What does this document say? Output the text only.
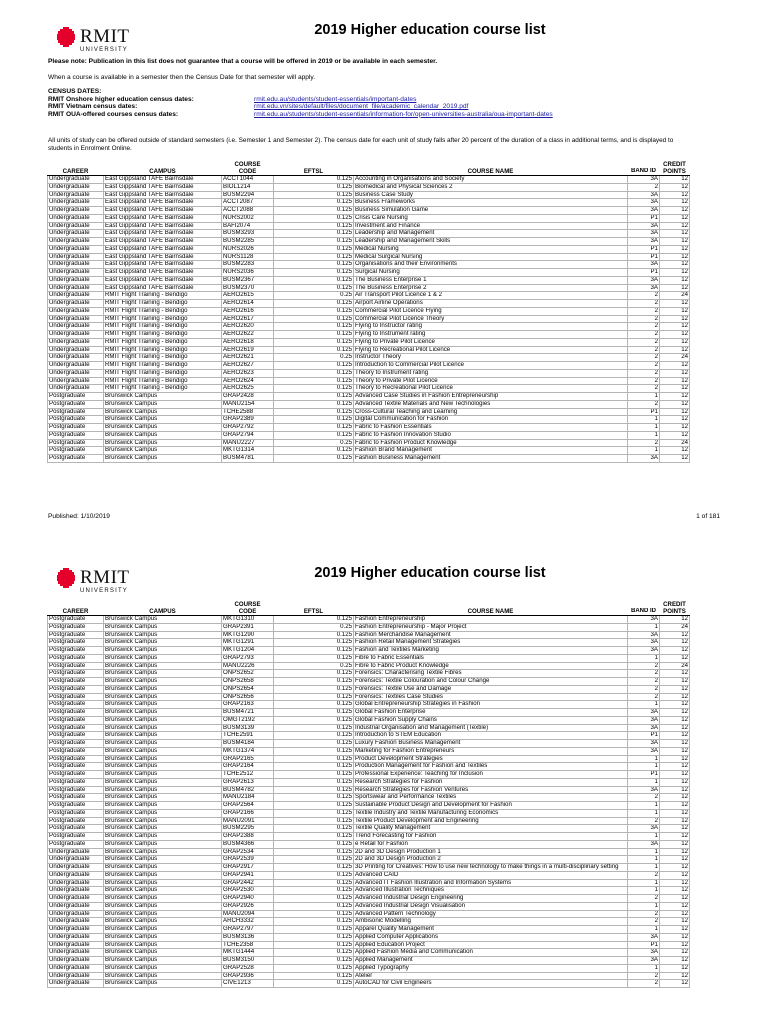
RMIT
UNIVERSITY
2019 Higher education course list
Please note: Publication in this list does not guarantee that a course will be offered in 2019 or be available in each semester.
When a course is available in a semester then the Census Date for that semester will apply.
CENSUS DATES:
RMIT Onshore higher education census dates:	rmit.edu.au/students/student-essentials/important-dates
RMIT Vietnam census dates:	rmit.edu.vn/sites/default/files/document_file/academic_calendar_2019.pdf
RMIT OUA-offered courses census dates:	rmit.edu.au/students/student-essentials/information-for/open-universities-australia/oua-important-dates
All units of study can be offered outside of standard semesters (i.e. Semester 1 and Semester 2). The census date for each unit of study falls after 20 percent of the duration of a class in additional terms, and is displayed to students in Enrolment Online.
		COURSE				CREDIT
CAREER	CAMPUS	CODE	EFTSL	COURSE NAME	BAND ID	POINTS
Undergraduate	East Gippsland TAFE Bairnsdale	ACCT1044	0.125	Accounting in Organisations and Society	3A	12
Undergraduate	East Gippsland TAFE Bairnsdale	BIOL1214	0.125	Biomedical and Physical Sciences 2	2	12
Undergraduate	East Gippsland TAFE Bairnsdale	BUSM2294	0.125	Business Case Study	3A	12
Undergraduate	East Gippsland TAFE Bairnsdale	ACCT2087	0.125	Business Frameworks	3A	12
Undergraduate	East Gippsland TAFE Bairnsdale	ACCT2088	0.125	Business Simulation Game	3A	12
Undergraduate	East Gippsland TAFE Bairnsdale	NURS2002	0.125	Crisis Care Nursing	P1	12
Undergraduate	East Gippsland TAFE Bairnsdale	BAFI2074	0.125	Investment and Finance	3A	12
Undergraduate	East Gippsland TAFE Bairnsdale	BUSM3293	0.125	Leadership and Management	3A	12
Undergraduate	East Gippsland TAFE Bairnsdale	BUSM2285	0.125	Leadership and Management Skills	3A	12
Undergraduate	East Gippsland TAFE Bairnsdale	NURS2026	0.125	Medical Nursing	P1	12
Undergraduate	East Gippsland TAFE Bairnsdale	NURS1128	0.125	Medical Surgical Nursing	P1	12
Undergraduate	East Gippsland TAFE Bairnsdale	BUSM2283	0.125	Organisations and their Environments	3A	12
Undergraduate	East Gippsland TAFE Bairnsdale	NURS2036	0.125	Surgical Nursing	P1	12
Undergraduate	East Gippsland TAFE Bairnsdale	BUSM2367	0.125	The Business Enterprise 1	3A	12
Undergraduate	East Gippsland TAFE Bairnsdale	BUSM2370	0.125	The Business Enterprise 2	3A	12
Undergraduate	RMIT Flight Training - Bendigo	AERO2615	0.25	Air Transport Pilot Licence 1 & 2	2	24
Undergraduate	RMIT Flight Training - Bendigo	AERO2614	0.125	Airport Airline Operations	2	12
Undergraduate	RMIT Flight Training - Bendigo	AERO2616	0.125	Commercial Pilot Licence Flying	2	12
Undergraduate	RMIT Flight Training - Bendigo	AERO2617	0.125	Commercial Pilot Licence Theory	2	12
Undergraduate	RMIT Flight Training - Bendigo	AERO2620	0.125	Flying to Instructor rating	2	12
Undergraduate	RMIT Flight Training - Bendigo	AERO2622	0.125	Flying to Instrument rating	2	12
Undergraduate	RMIT Flight Training - Bendigo	AERO2618	0.125	Flying to Private Pilot Licence	2	12
Undergraduate	RMIT Flight Training - Bendigo	AERO2619	0.125	Flying to Recreational Pilot Licence	2	12
Undergraduate	RMIT Flight Training - Bendigo	AERO2621	0.25	Instructor Theory	2	24
Undergraduate	RMIT Flight Training - Bendigo	AERO2627	0.125	Introduction to Commercial Pilot Licence	2	12
Undergraduate	RMIT Flight Training - Bendigo	AERO2623	0.125	Theory to Instrument rating	2	12
Undergraduate	RMIT Flight Training - Bendigo	AERO2624	0.125	Theory to Private Pilot Licence	2	12
Undergraduate	RMIT Flight Training - Bendigo	AERO2625	0.125	Theory to Recreational Pilot Licence	2	12
Postgraduate	Brunswick Campus	GRAP2428	0.125	Advanced Case Studies in Fashion Entrepreneurship	1	12
Postgraduate	Brunswick Campus	MANU2154	0.125	Advanced Textile Materials and New Technologies	2	12
Postgraduate	Brunswick Campus	TCHE2588	0.125	Cross-Cultural Teaching and Learning	P1	12
Postgraduate	Brunswick Campus	GRAP2389	0.125	Digital Communication for Fashion	1	12
Postgraduate	Brunswick Campus	GRAP2792	0.125	Fabric to Fashion Essentials	1	12
Postgraduate	Brunswick Campus	GRAP2794	0.125	Fabric to Fashion Innovation Studio	1	12
Postgraduate	Brunswick Campus	MANU2227	0.25	Fabric to Fashion Product Knowledge	2	24
Postgraduate	Brunswick Campus	MKTG1314	0.125	Fashion Brand Management	1	12
Postgraduate	Brunswick Campus	BUSM4781	0.125	Fashion Business Management	3A	12
Published: 1/10/2019	1 of 181
RMIT
UNIVERSITY
2019 Higher education course list
		COURSE				CREDIT
CAREER	CAMPUS	CODE	EFTSL	COURSE NAME	BAND ID	POINTS
Postgraduate	Brunswick Campus	MKTG1310	0.125	Fashion Entrepreneurship	3A	12
Postgraduate	Brunswick Campus	GRAP2391	0.25	Fashion Entrepreneurship - Major Project	1	24
Postgraduate	Brunswick Campus	MKTG1290	0.125	Fashion Merchandise Management	3A	12
Postgraduate	Brunswick Campus	MKTG1291	0.125	Fashion Retail Management Strategies	3A	12
Postgraduate	Brunswick Campus	MKTG1204	0.125	Fashion and Textiles Marketing	3A	12
Postgraduate	Brunswick Campus	GRAP2793	0.125	Fibre to Fabric Essentials	1	12
Postgraduate	Brunswick Campus	MANU2226	0.25	Fibre to Fabric Product Knowledge	2	24
Postgraduate	Brunswick Campus	ONPS2652	0.125	Forensics: Characterising Textile Fibres	2	12
Postgraduate	Brunswick Campus	ONPS2658	0.125	Forensics: Textile Colouration and Colour Change	2	12
Postgraduate	Brunswick Campus	ONPS2654	0.125	Forensics: Textile Use and Damage	2	12
Postgraduate	Brunswick Campus	ONPS2656	0.125	Forensics: Textiles Case Studies	2	12
Postgraduate	Brunswick Campus	GRAP2163	0.125	Global Entrepreneurship Strategies in Fashion	1	12
Postgraduate	Brunswick Campus	BUSM4721	0.125	Global Fashion Enterprise	3A	12
Postgraduate	Brunswick Campus	OMGT2192	0.125	Global Fashion Supply Chains	3A	12
Postgraduate	Brunswick Campus	BUSM3139	0.125	Industrial Organisation and Management (Textile)	3A	12
Postgraduate	Brunswick Campus	TCHE2591	0.125	Introduction to STEM Education	P1	12
Postgraduate	Brunswick Campus	BUSM4184	0.125	Luxury Fashion Business Management	3A	12
Postgraduate	Brunswick Campus	MKTG1374	0.125	Marketing for Fashion Entrepreneurs	3A	12
Postgraduate	Brunswick Campus	GRAP2165	0.125	Product Development Strategies	1	12
Postgraduate	Brunswick Campus	GRAP2164	0.125	Production Management for Fashion and Textiles	1	12
Postgraduate	Brunswick Campus	TCHE2512	0.125	Professional Experience: Teaching for Inclusion	P1	12
Postgraduate	Brunswick Campus	GRAP2613	0.125	Research Strategies for Fashion	1	12
Postgraduate	Brunswick Campus	BUSM4782	0.125	Research Strategies for Fashion Ventures	3A	12
Postgraduate	Brunswick Campus	MANU2184	0.125	Sportswear and Performance Textiles	2	12
Postgraduate	Brunswick Campus	GRAP2564	0.125	Sustainable Product Design and Development for Fashion	1	12
Postgraduate	Brunswick Campus	GRAP2166	0.125	Textile Industry and Textile Manufacturing Economics	1	12
Postgraduate	Brunswick Campus	MANU2091	0.125	Textile Product Development and Engineering	2	12
Postgraduate	Brunswick Campus	BUSM2295	0.125	Textile Quality Management	3A	12
Postgraduate	Brunswick Campus	GRAP2388	0.125	Trend Forecasting for Fashion	1	12
Postgraduate	Brunswick Campus	BUSM4366	0.125	e Retail for Fashion	3A	12
Undergraduate	Brunswick Campus	GRAP2534	0.125	2D and 3D Design Production 1	1	12
Undergraduate	Brunswick Campus	GRAP2539	0.125	2D and 3D Design Production 2	1	12
Undergraduate	Brunswick Campus	GRAP2917	0.125	3D Printing for Creatives: How to use new technology to make things in a multi-disciplinary setting	1	12
Undergraduate	Brunswick Campus	GRAP2941	0.125	Advanced CAID	2	12
Undergraduate	Brunswick Campus	GRAP2442	0.125	Advanced IT Fashion Illustration and Information Systems	1	12
Undergraduate	Brunswick Campus	GRAP2530	0.125	Advanced Illustration Techniques	1	12
Undergraduate	Brunswick Campus	GRAP2940	0.125	Advanced Industrial Design Engineering	2	12
Undergraduate	Brunswick Campus	GRAP2926	0.125	Advanced Industrial Design Visualisation	1	12
Undergraduate	Brunswick Campus	MANU2094	0.125	Advanced Pattern Technology	2	12
Undergraduate	Brunswick Campus	ARCH3332	0.125	Ambisonic Modelling	2	12
Undergraduate	Brunswick Campus	GRAP2797	0.125	Apparel Quality Management	1	12
Undergraduate	Brunswick Campus	BUSM3136	0.125	Applied Computer Applications	3A	12
Undergraduate	Brunswick Campus	TCHE2358	0.125	Applied Education Project	P1	12
Undergraduate	Brunswick Campus	MKTG1444	0.125	Applied Fashion Media and Communication	3A	12
Undergraduate	Brunswick Campus	BUSM3150	0.125	Applied Management	3A	12
Undergraduate	Brunswick Campus	GRAP2528	0.125	Applied Typography	1	12
Undergraduate	Brunswick Campus	GRAP2936	0.125	Atelier	2	12
Undergraduate	Brunswick Campus	CIVE1213	0.125	AutoCAD for Civil Engineers	2	12
